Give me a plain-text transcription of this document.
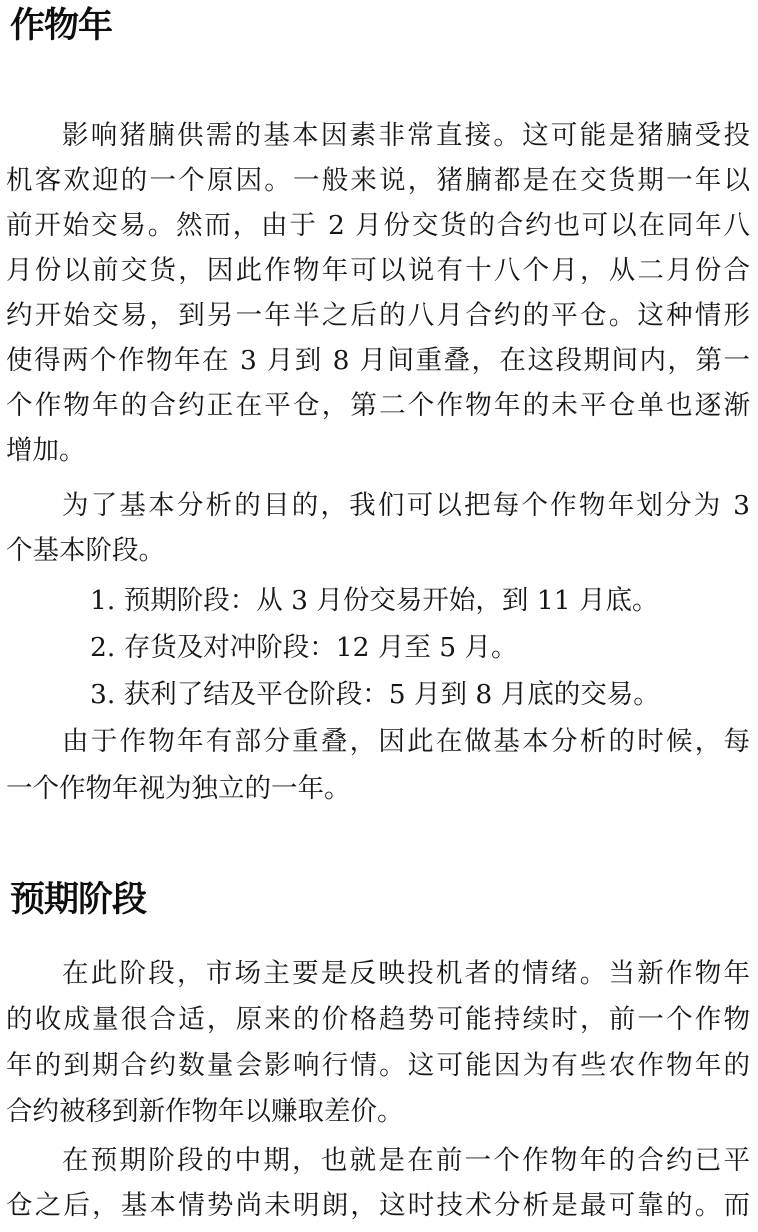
作物年

影响猪腩供需的基本因素非常直接。这可能是猪腩受投

机客欢迎的一个原因。一般来说，猪腩都是在交货期一年以

前开始交易。然而，由于 2 月份交货的合约也可以在同年八

月份以前交货，因此作物年可以说有十八个月，从二月份合

约开始交易，到另一年半之后的八月合约的平仓。这种情形

使得两个作物年在 3 月到 8 月间重叠，在这段期间内，第一

个作物年的合约正在平仓，第二个作物年的未平仓单也逐渐

增加。

为了基本分析的目的，我们可以把每个作物年划分为 3

个基本阶段。

1. 预期阶段：从 3 月份交易开始，到 11 月底。

2. 存货及对冲阶段：12 月至 5 月。

3. 获利了结及平仓阶段：5 月到 8 月底的交易。

由于作物年有部分重叠，因此在做基本分析的时候，每

一个作物年视为独立的一年。

预期阶段

在此阶段，市场主要是反映投机者的情绪。当新作物年

的收成量很合适，原来的价格趋势可能持续时，前一个作物

年的到期合约数量会影响行情。这可能因为有些农作物年的

合约被移到新作物年以赚取差价。

在预期阶段的中期，也就是在前一个作物年的合约已平

仓之后，基本情势尚未明朗，这时技术分析是最可靠的。而
